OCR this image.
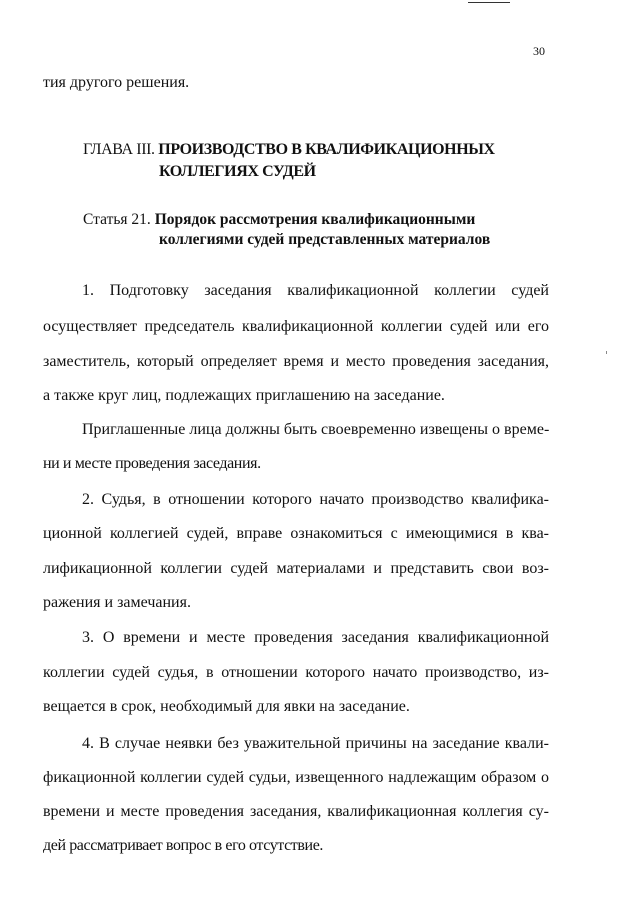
30
тия другого решения.
ГЛАВА III. ПРОИЗВОДСТВО В КВАЛИФИКАЦИОННЫХ
КОЛЛЕГИЯХ СУДЕЙ
Статья 21. Порядок рассмотрения квалификационными
коллегиями судей представленных материалов
1. Подготовку заседания квалификационной коллегии судей
осуществляет председатель квалификационной коллегии судей или его
заместитель, который определяет время и место проведения заседания,
а также круг лиц, подлежащих приглашению на заседание.
Приглашенные лица должны быть своевременно извещены о време-
ни и месте проведения заседания.
2. Судья, в отношении которого начато производство квалифика-
ционной коллегией судей, вправе ознакомиться с имеющимися в ква-
лификационной коллегии судей материалами и представить свои воз-
ражения и замечания.
3. О времени и месте проведения заседания квалификационной
коллегии судей судья, в отношении которого начато производство, из-
вещается в срок, необходимый для явки на заседание.
4. В случае неявки без уважительной причины на заседание квали-
фикационной коллегии судей судьи, извещенного надлежащим образом о
времени и месте проведения заседания, квалификационная коллегия су-
дей рассматривает вопрос в его отсутствие.
